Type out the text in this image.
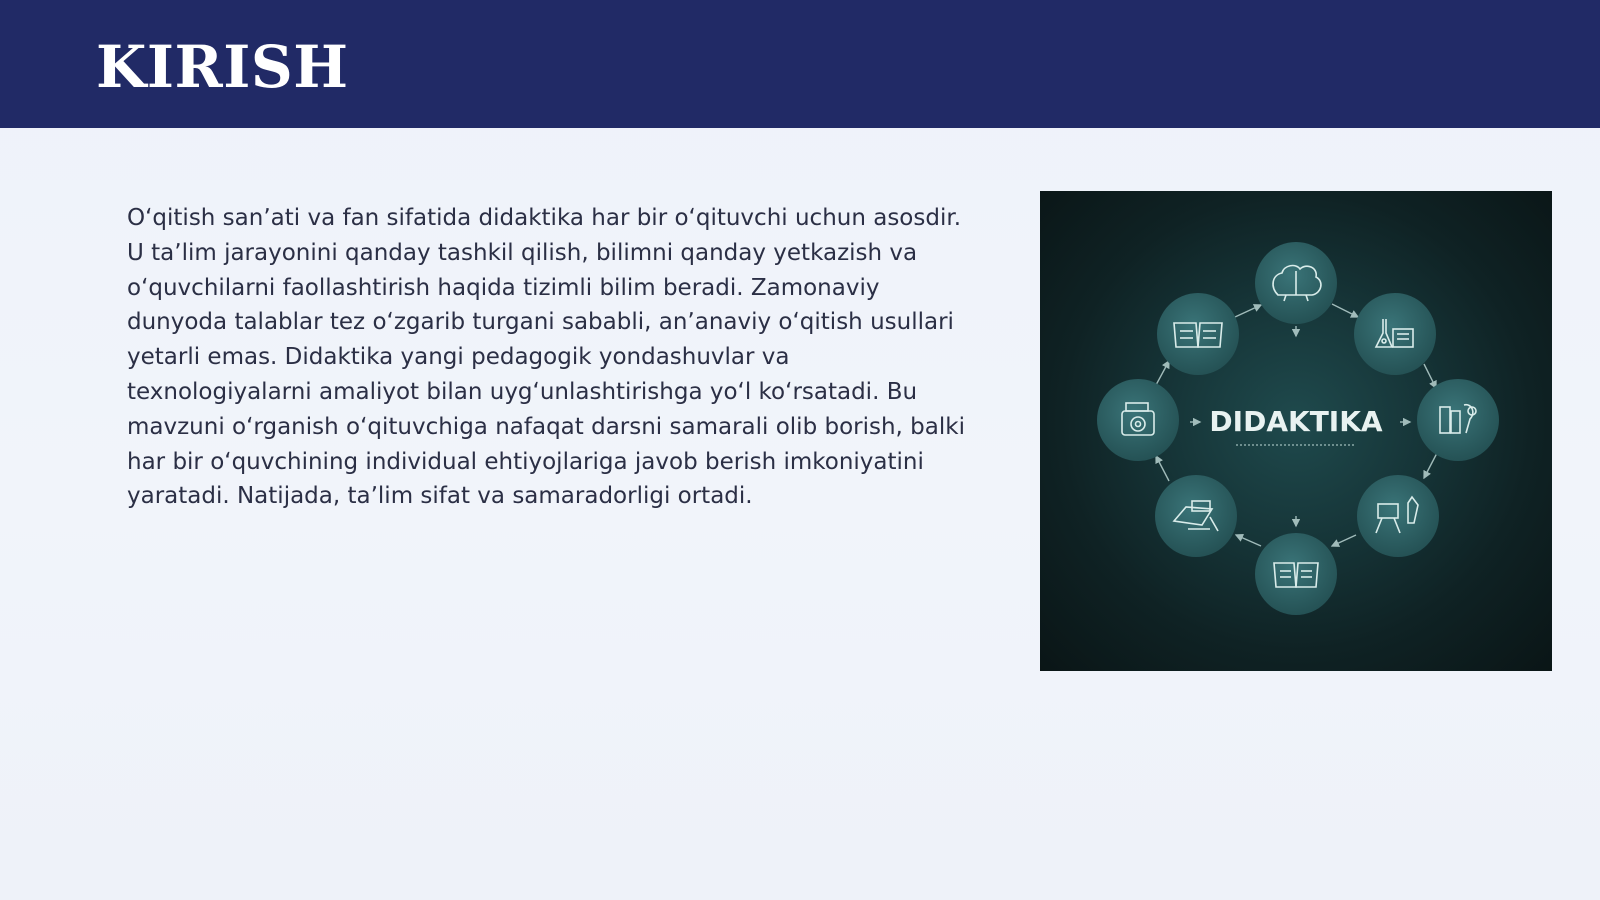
KIRISH

Oʻqitish sanʼati va fan sifatida didaktika har bir oʻqituvchi uchun asosdir. U taʼlim jarayonini qanday tashkil qilish, bilimni qanday yetkazish va oʻquvchilarni faollashtirish haqida tizimli bilim beradi. Zamonaviy dunyoda talablar tez oʻzgarib turgani sababli, anʼanaviy oʻqitish usullari yetarli emas. Didaktika yangi pedagogik yondashuvlar va texnologiyalarni amaliyot bilan uygʻunlashtirishga yoʻl koʻrsatadi. Bu mavzuni oʻrganish oʻqituvchiga nafaqat darsni samarali olib borish, balki har bir oʻquvchining individual ehtiyojlariga javob berish imkoniyatini yaratadi. Natijada, taʼlim sifat va samaradorligi ortadi.

DIDAKTIKA
